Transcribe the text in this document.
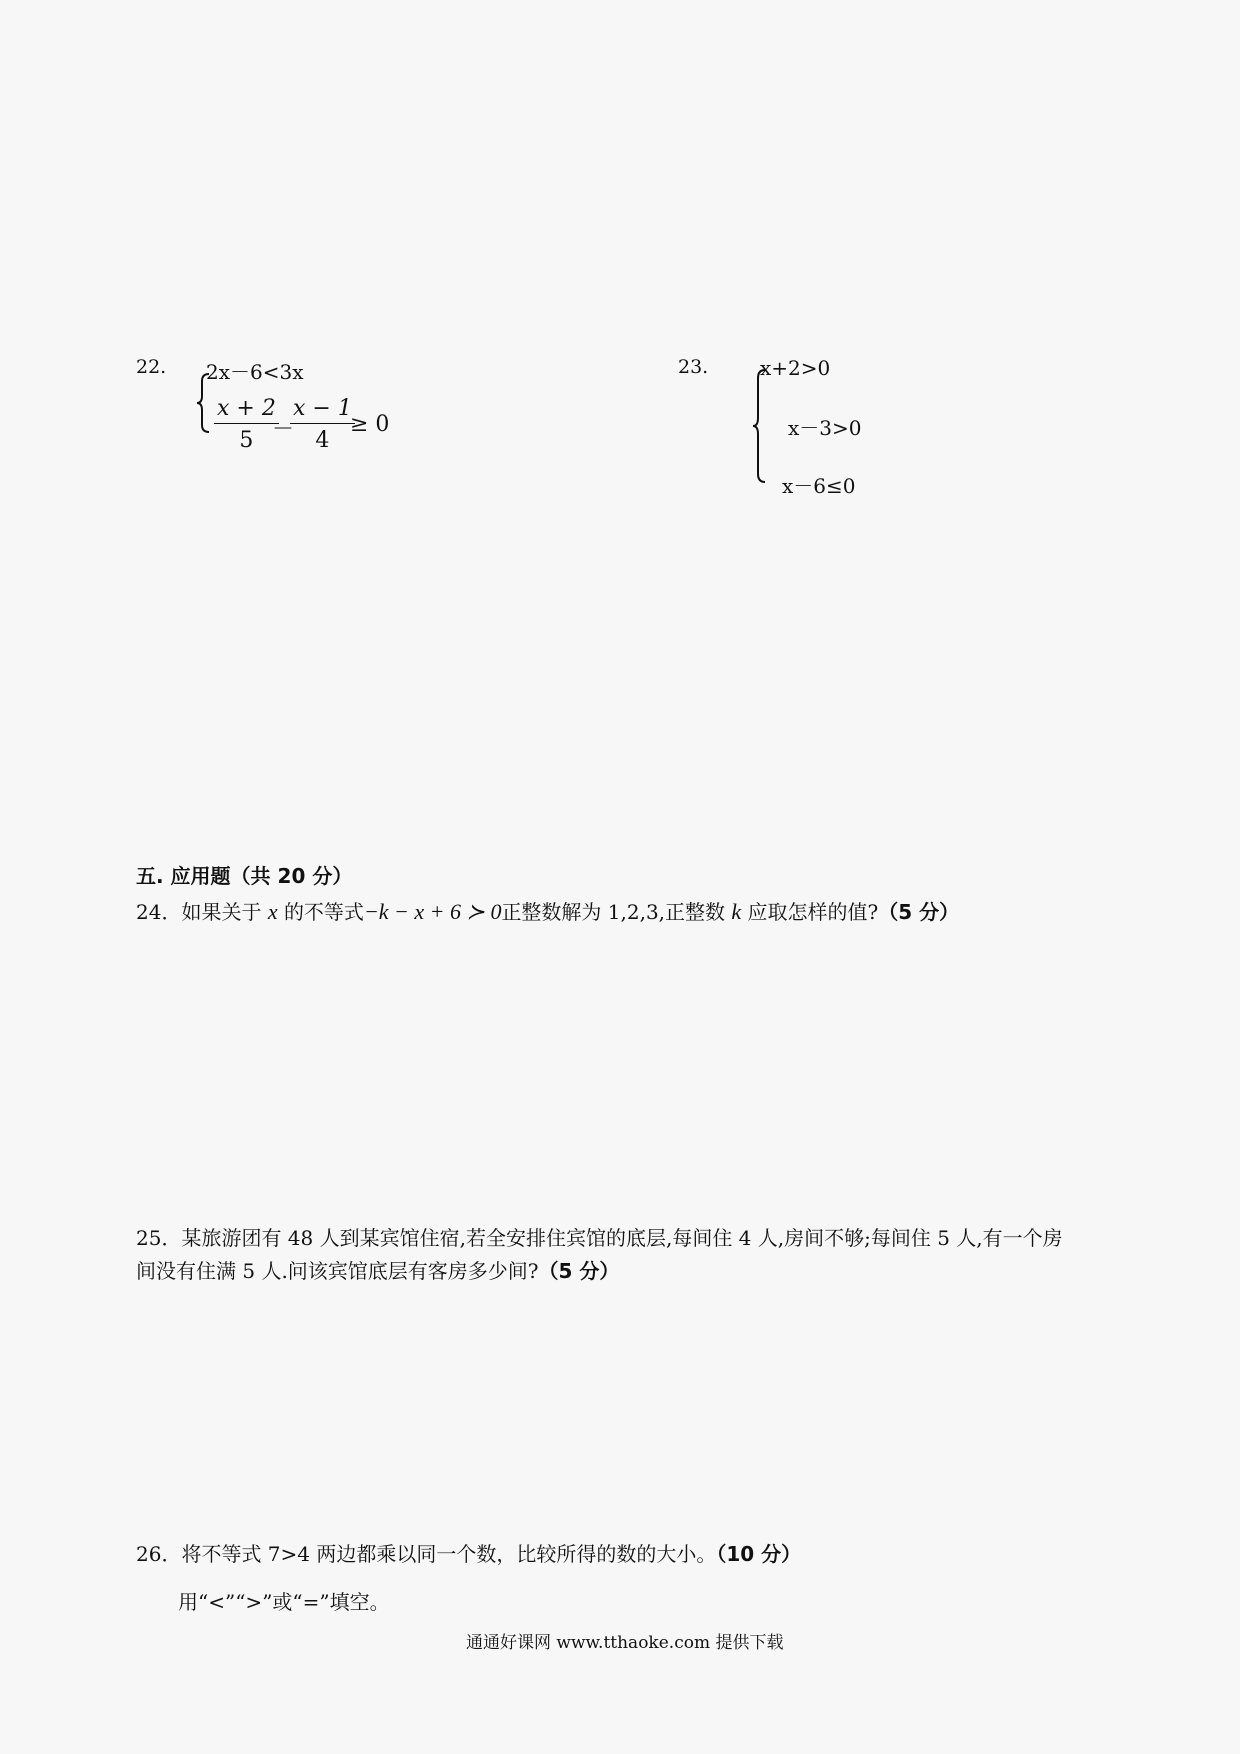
22. 2x－6<3x
$\frac{x + 2}{5}$
－
$\frac{x - 1}{4}$
≥ 0
23.	x+2>0
x－3>0
x－6≤0
五. 应用题（共 20 分）
24．如果关于 x 的不等式−k − x + 6 ≻ 0正整数解为 1,2,3,正整数 k 应取怎样的值?（5 分）
25．某旅游团有 48 人到某宾馆住宿,若全安排住宾馆的底层,每间住 4 人,房间不够;每间住 5 人,有一个房
间没有住满 5 人.问该宾馆底层有客房多少间?（5 分）
26．将不等式 7>4 两边都乘以同一个数，比较所得的数的大小。（10 分）
用“<”“>”或“=”填空。
通通好课网 www.tthaoke.com 提供下载
